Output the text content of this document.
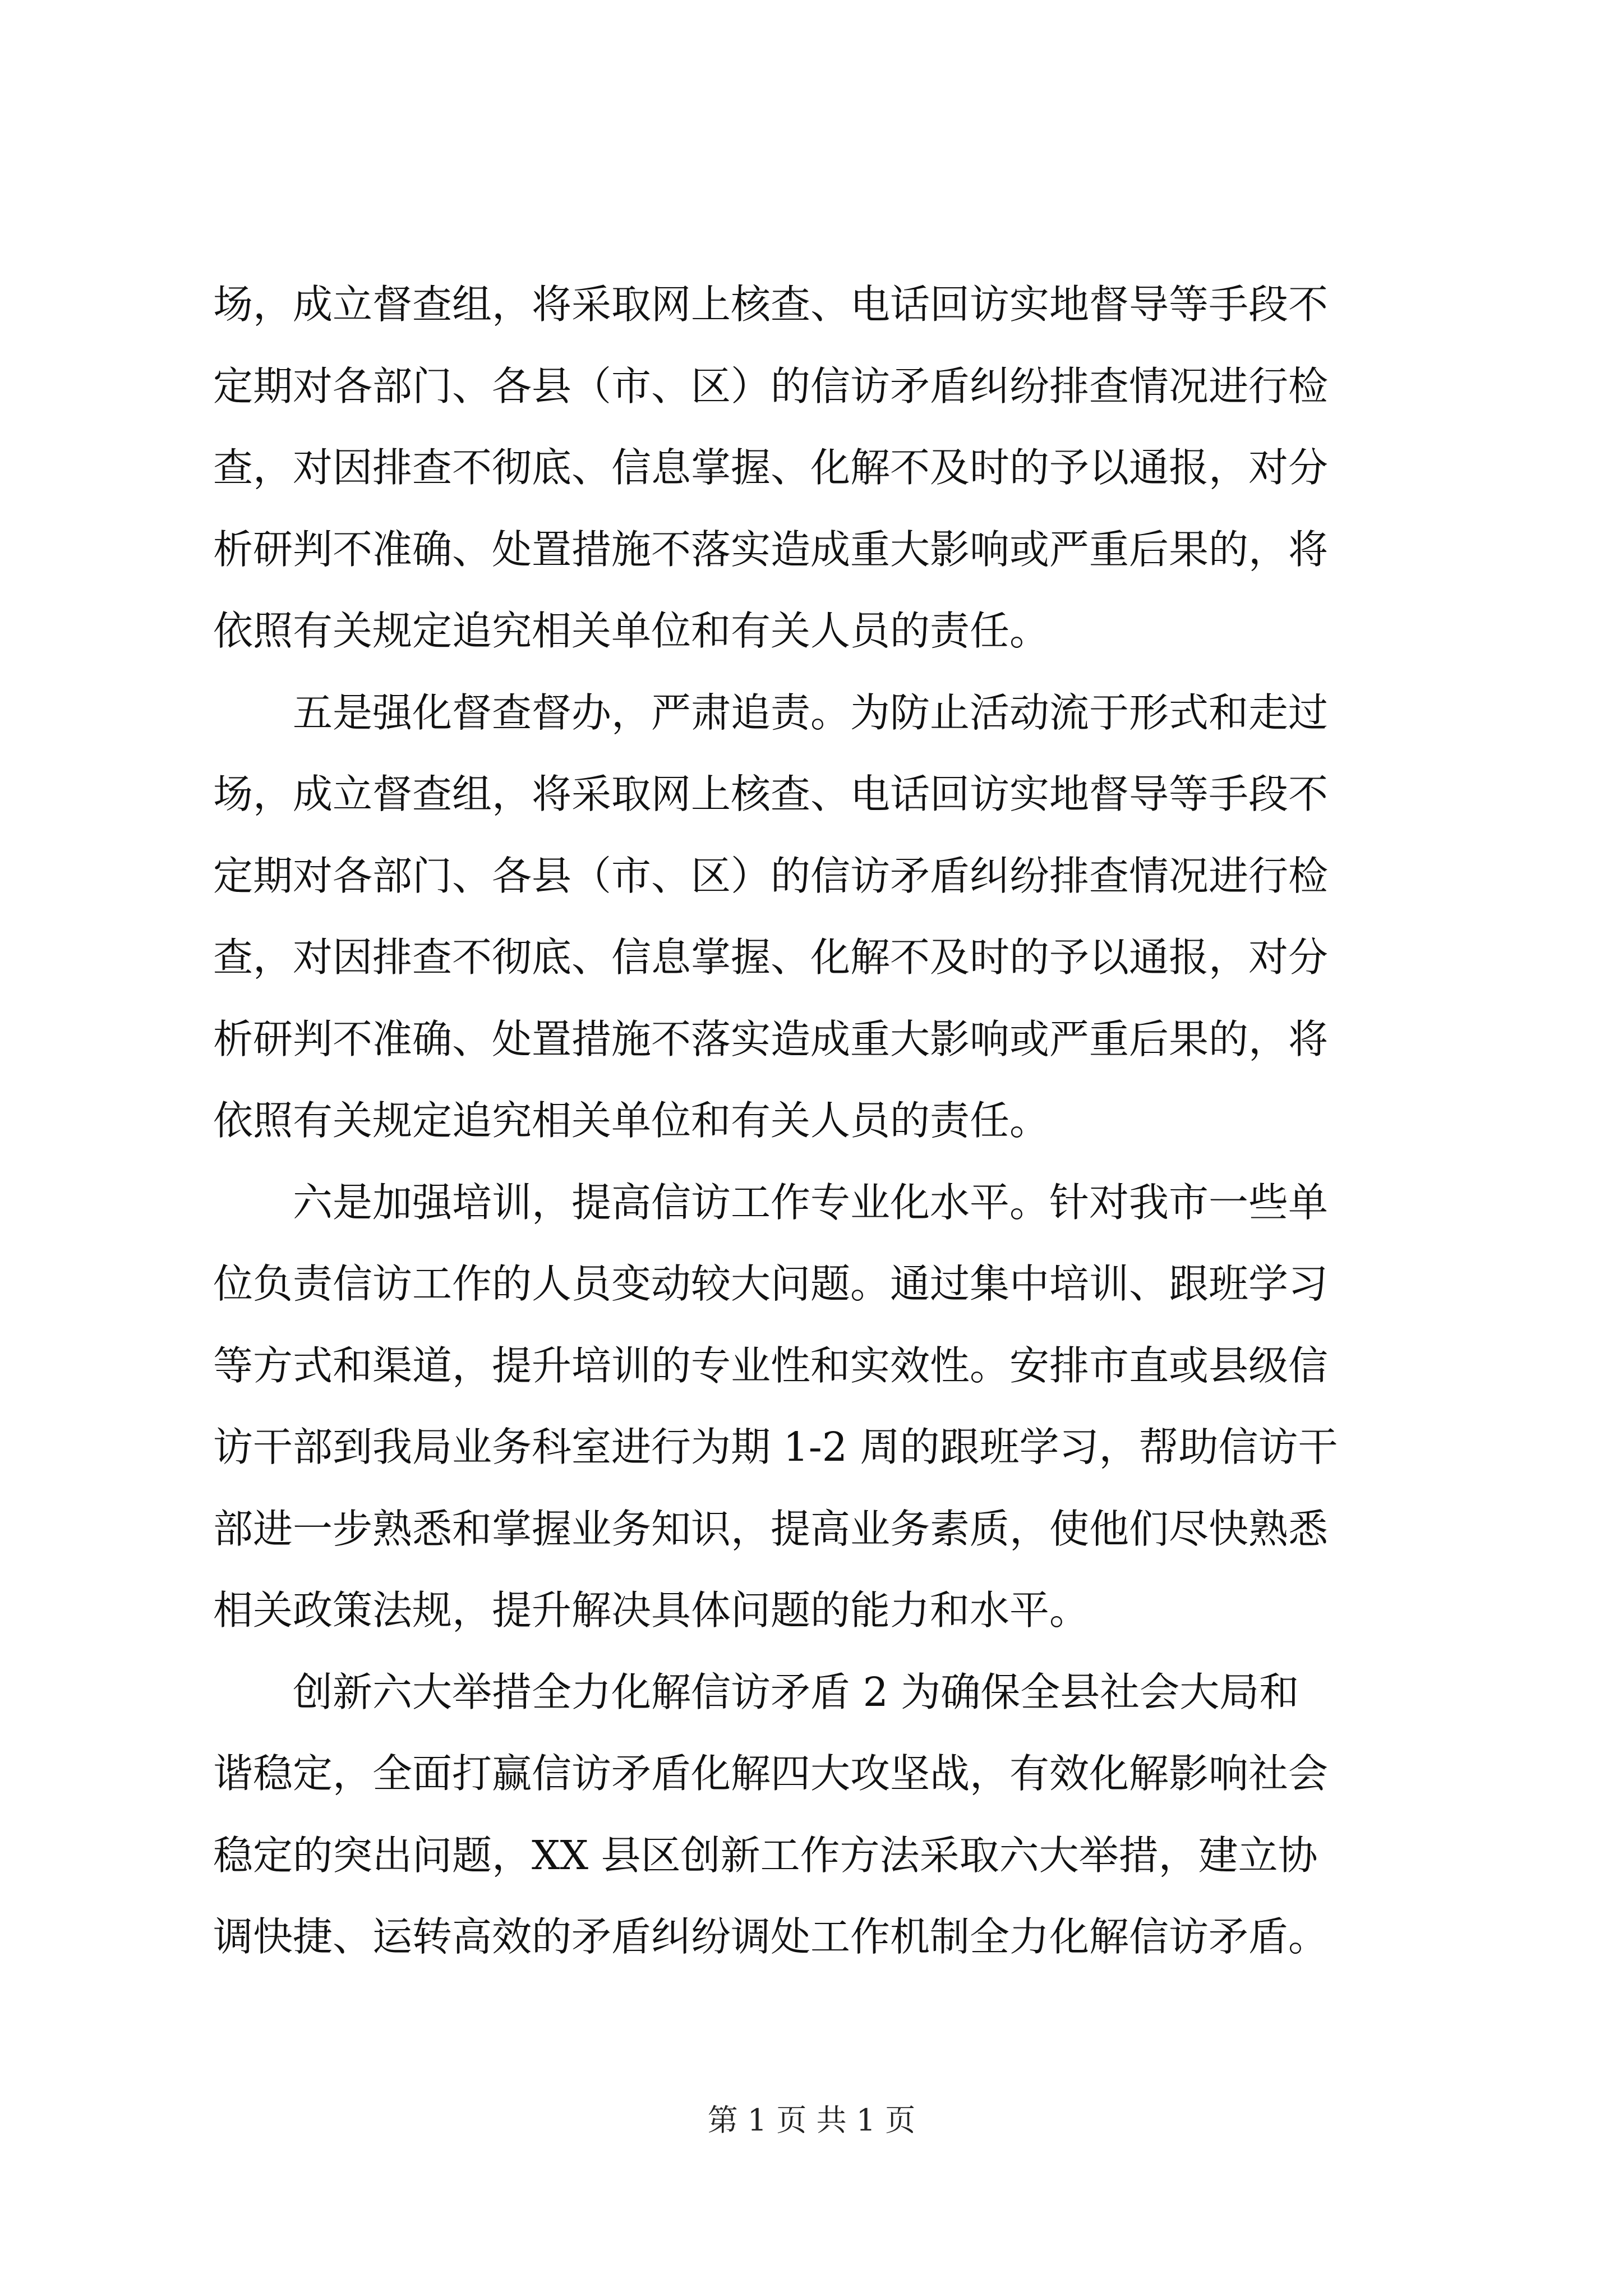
场，成立督查组，将采取网上核查、电话回访实地督导等手段不
定期对各部门、各县（市、区）的信访矛盾纠纷排查情况进行检
查，对因排查不彻底、信息掌握、化解不及时的予以通报，对分
析研判不准确、处置措施不落实造成重大影响或严重后果的，将
依照有关规定追究相关单位和有关人员的责任。
五是强化督查督办，严肃追责。为防止活动流于形式和走过
场，成立督查组，将采取网上核查、电话回访实地督导等手段不
定期对各部门、各县（市、区）的信访矛盾纠纷排查情况进行检
查，对因排查不彻底、信息掌握、化解不及时的予以通报，对分
析研判不准确、处置措施不落实造成重大影响或严重后果的，将
依照有关规定追究相关单位和有关人员的责任。
六是加强培训，提高信访工作专业化水平。针对我市一些单
位负责信访工作的人员变动较大问题。通过集中培训、跟班学习
等方式和渠道，提升培训的专业性和实效性。安排市直或县级信
访干部到我局业务科室进行为期 1-2 周的跟班学习，帮助信访干
部进一步熟悉和掌握业务知识，提高业务素质，使他们尽快熟悉
相关政策法规，提升解决具体问题的能力和水平。
创新六大举措全力化解信访矛盾 2 为确保全县社会大局和
谐稳定，全面打赢信访矛盾化解四大攻坚战，有效化解影响社会
稳定的突出问题，XX 县区创新工作方法采取六大举措，建立协
调快捷、运转高效的矛盾纠纷调处工作机制全力化解信访矛盾。
第 1 页 共 1 页
